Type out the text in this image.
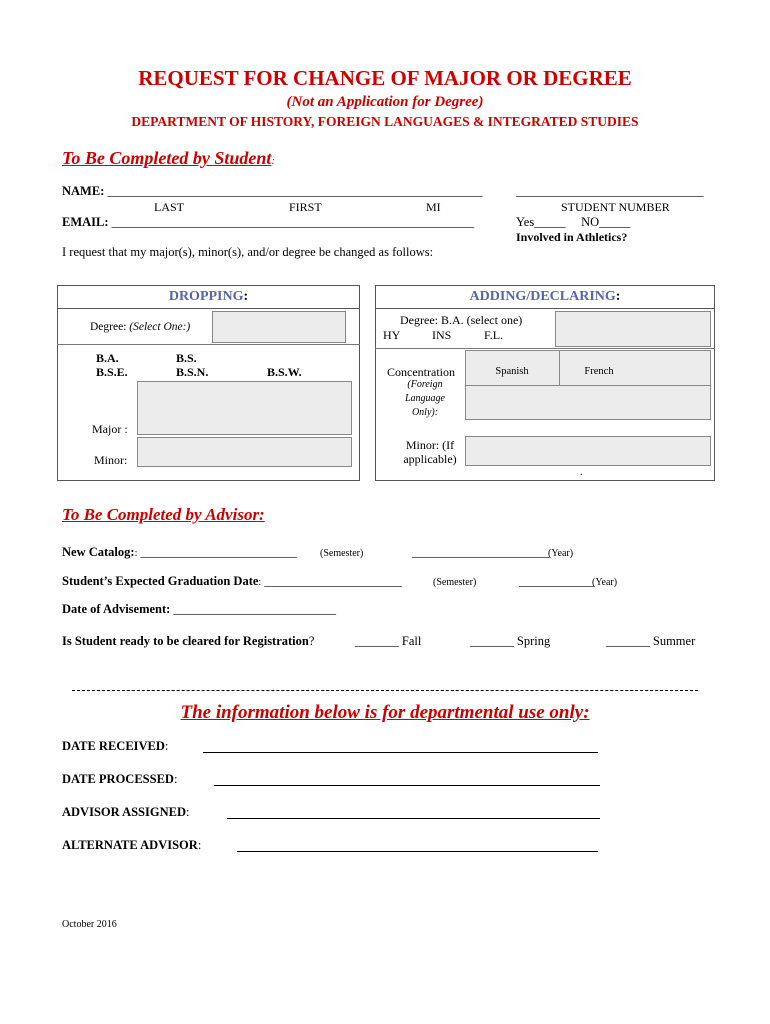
REQUEST FOR CHANGE OF MAJOR OR DEGREE
(Not an Application for Degree)
DEPARTMENT OF HISTORY, FOREIGN LANGUAGES & INTEGRATED STUDIES
To Be Completed by Student:
NAME: ____________________________________________________________
LAST	FIRST	MI
______________________________
STUDENT NUMBER
EMAIL: __________________________________________________________	Yes_____     NO_____
Involved in Athletics?
I request that my major(s), minor(s), and/or degree be changed as follows:
DROPPING:
Degree: (Select One:)
B.A.
B.S.E.
B.S.
B.S.N.	B.S.W.
Major :
Minor:
ADDING/DECLARING:
Degree: B.A. (select one)
HY	INS	F.L.
Concentration
(Foreign
Language
Only):
Spanish	French
Minor: (If
applicable)
.
To Be Completed by Advisor:
New Catalog:: _________________________ (Semester)	______________________
(Year)
Student’s Expected Graduation Date: ______________________	(Semester)	____________
(Year)
Date of Advisement: __________________________
Is Student ready to be cleared for Registration?	_______ Fall	_______ Spring	_______ Summer
The information below is for departmental use only:
DATE RECEIVED:
DATE PROCESSED:
ADVISOR ASSIGNED:
ALTERNATE ADVISOR:
October 2016
